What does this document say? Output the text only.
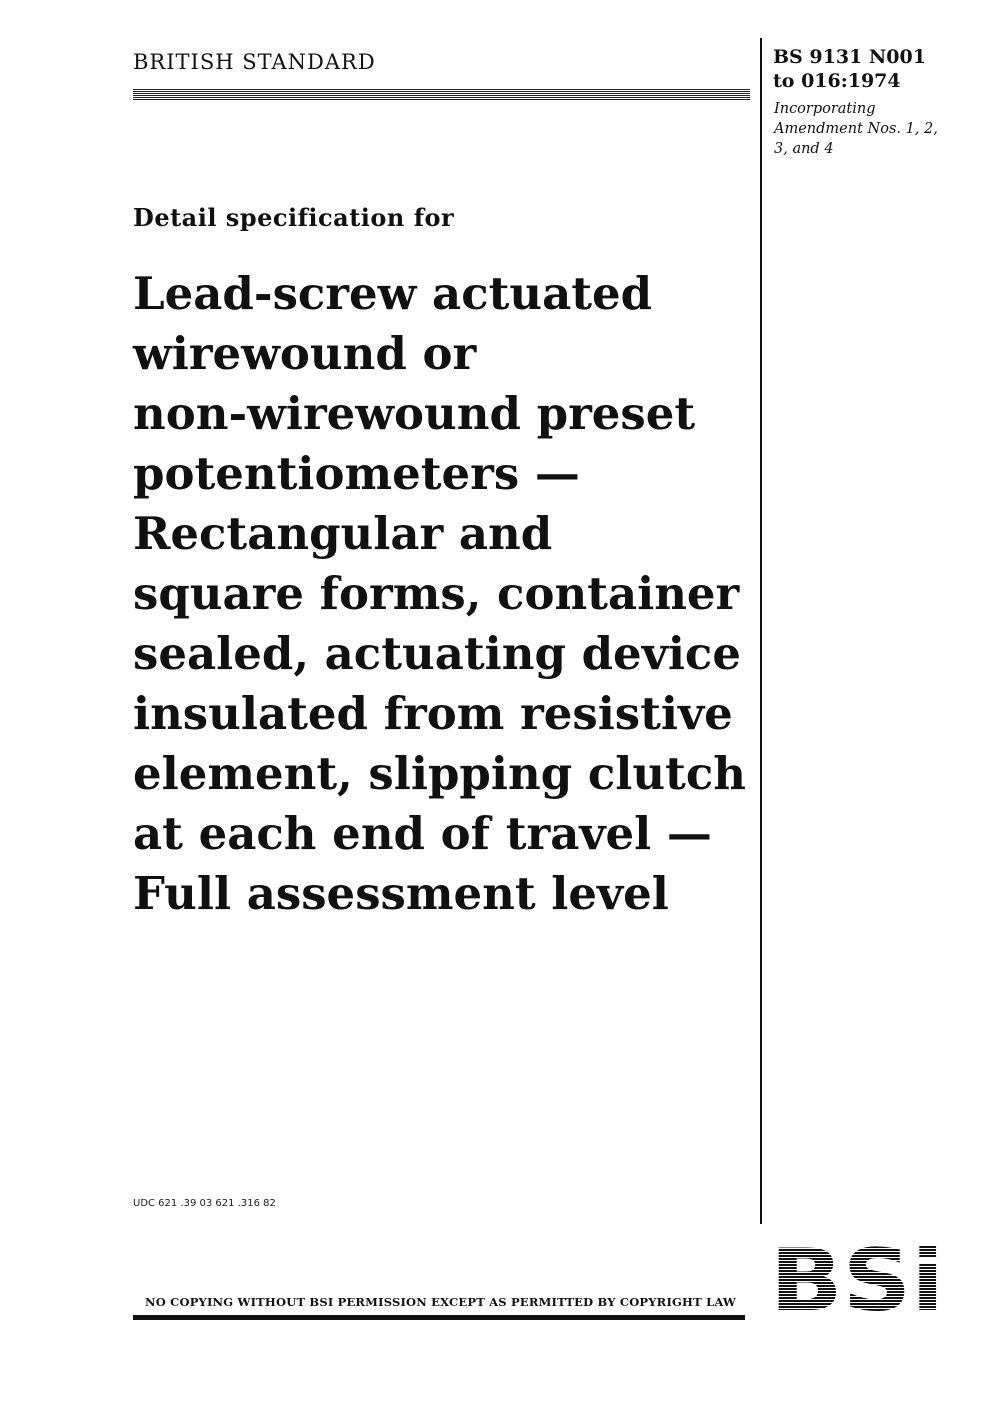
BRITISH STANDARD	BS 9131 N001
to 016:1974
Incorporating
Amendment Nos. 1, 2,
3, and 4
Detail specification for
Lead-screw actuated
wirewound or
non-wirewound preset
potentiometers —
Rectangular and
square forms, container
sealed, actuating device
insulated from resistive
element, slipping clutch
at each end of travel —
Full assessment level
UDC 621 .39 03 621 .316 82
NO COPYING WITHOUT BSI PERMISSION EXCEPT AS PERMITTED BY COPYRIGHT LAW
